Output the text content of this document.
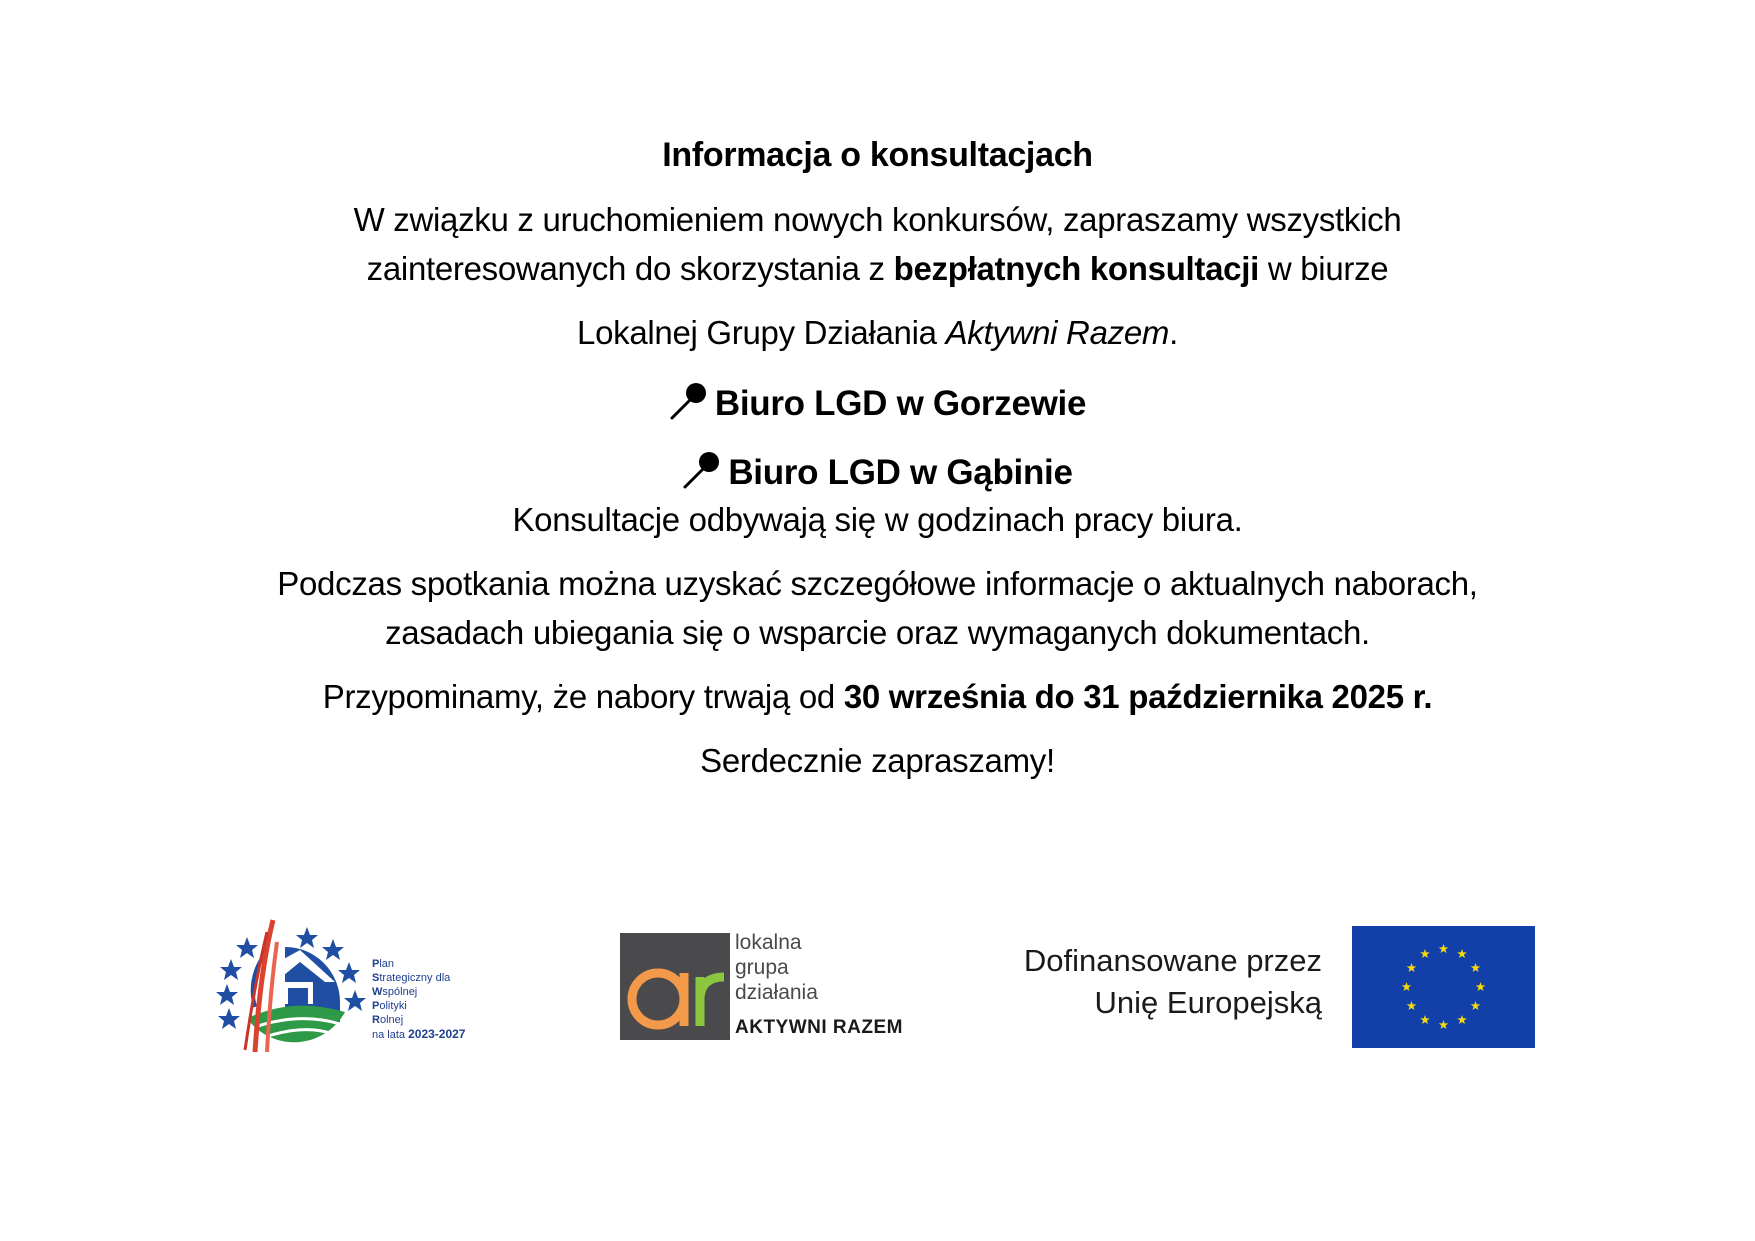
Informacja o konsultacjach
W związku z uruchomieniem nowych konkursów, zapraszamy wszystkich
zainteresowanych do skorzystania z bezpłatnych konsultacji w biurze
Lokalnej Grupy Działania Aktywni Razem.
Biuro LGD w Gorzewie
Biuro LGD w Gąbinie
Konsultacje odbywają się w godzinach pracy biura.
Podczas spotkania można uzyskać szczegółowe informacje o aktualnych naborach,
zasadach ubiegania się o wsparcie oraz wymaganych dokumentach.
Przypominamy, że nabory trwają od 30 września do 31 października 2025 r.
Serdecznie zapraszamy!
Plan
Strategiczny dla
Wspólnej
Polityki
Rolnej
na lata 2023-2027
lokalna
grupa
działania
AKTYWNI RAZEM
Dofinansowane przez
Unię Europejską
